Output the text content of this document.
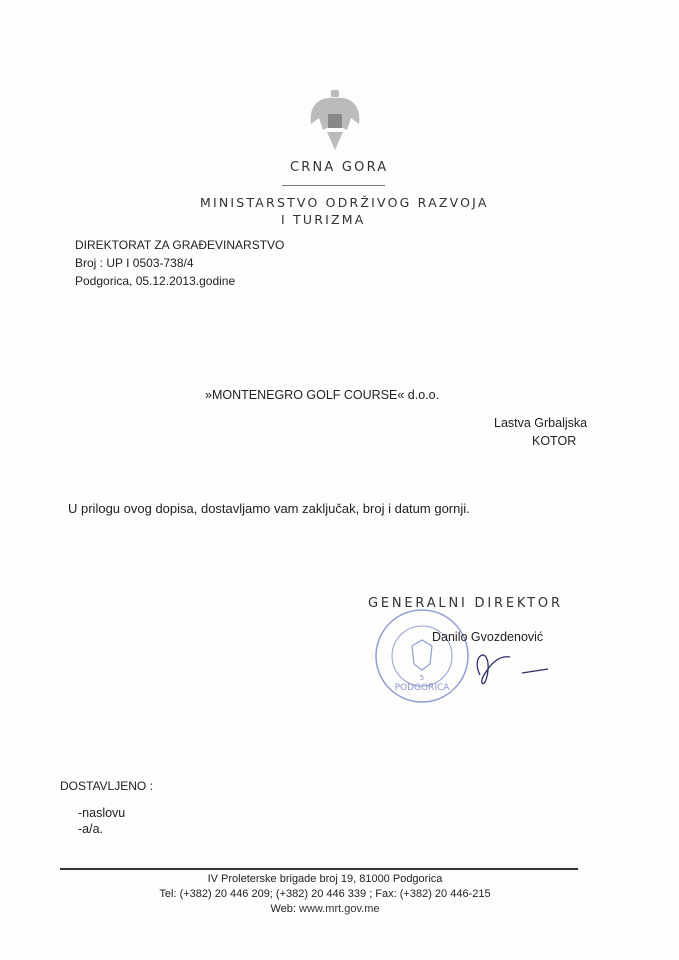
CRNA GORA
MINISTARSTVO ODRŽIVOG RAZVOJA
I TURIZMA
DIREKTORAT ZA GRAĐEVINARSTVO
Broj : UP I 0503-738/4
Podgorica, 05.12.2013.godine
»MONTENEGRO GOLF COURSE« d.o.o.
Lastva Grbaljska
KOTOR
U prilogu ovog dopisa, dostavljamo vam zaključak, broj i datum gornji.
PODGORICA
5
GENERALNI DIREKTOR
Danilo Gvozdenović
DOSTAVLJENO :
-naslovu
-a/a.
IV Proleterske brigade broj 19, 81000 Podgorica
Tel: (+382) 20 446 209; (+382) 20 446 339 ; Fax: (+382) 20 446-215
Web: www.mrt.gov.me
